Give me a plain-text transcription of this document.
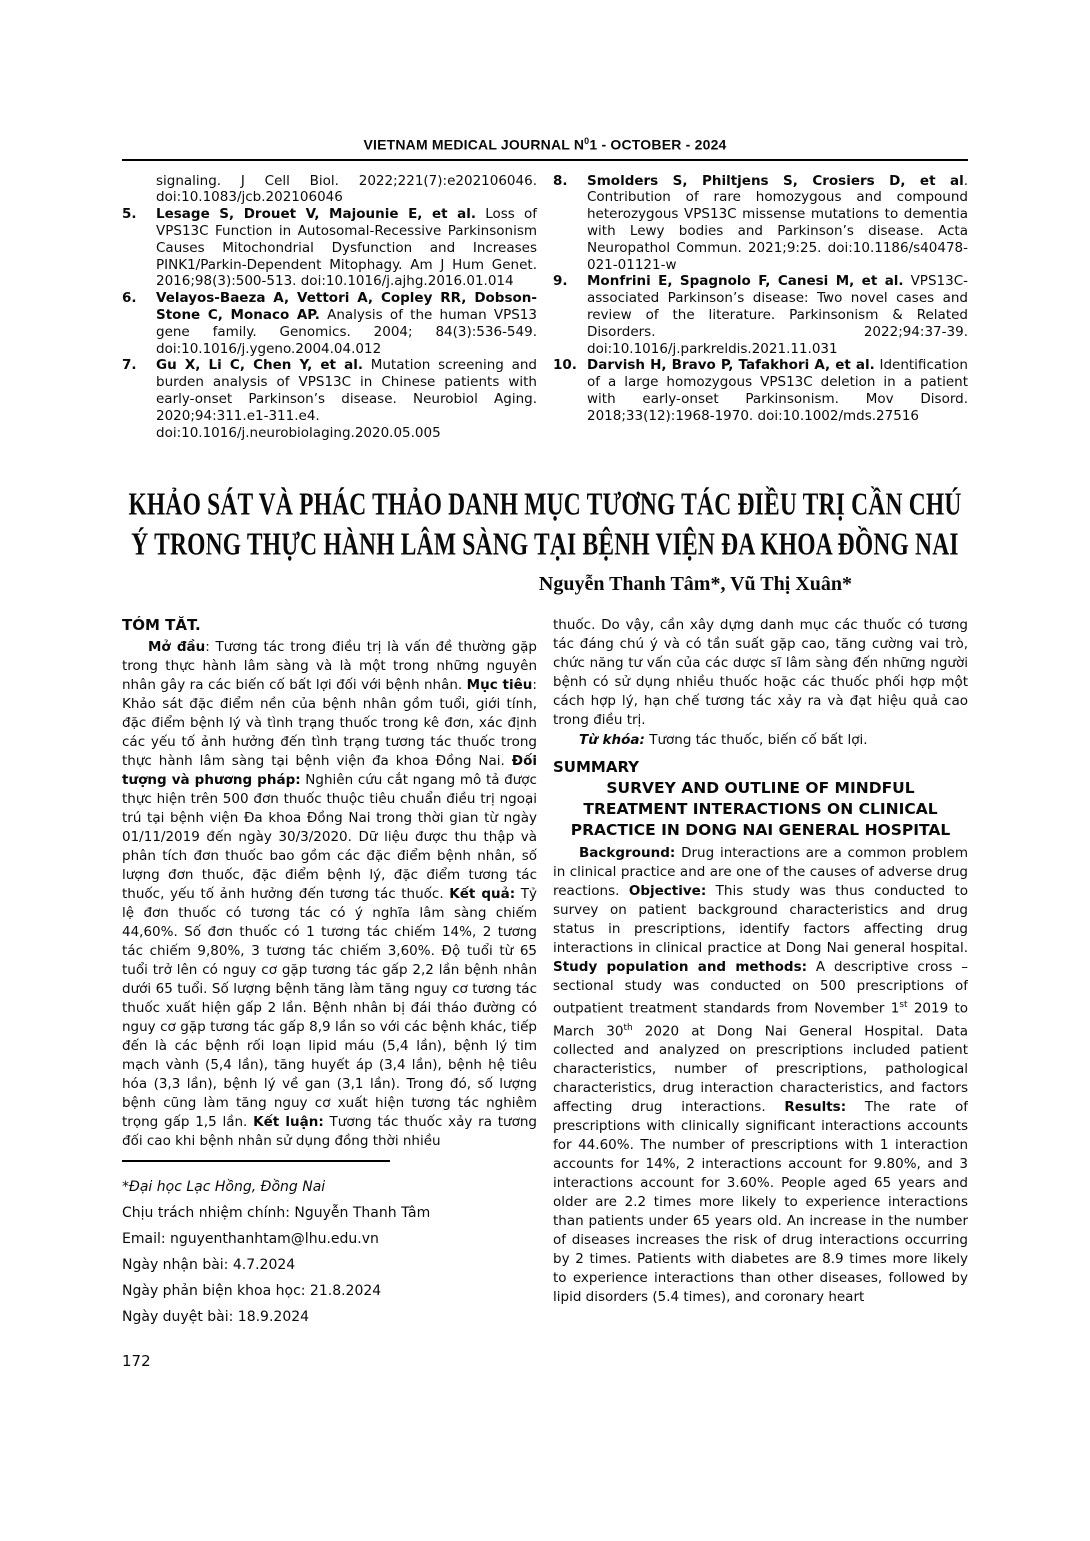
VIETNAM MEDICAL JOURNAL $N^01$ - OCTOBER - 2024

signaling. J Cell Biol. 2022;221(7):e202106046. doi:10.1083/jcb.202106046

5. Lesage S, Drouet V, Majounie E, et al. Loss of VPS13C Function in Autosomal-Recessive Parkinsonism Causes Mitochondrial Dysfunction and Increases PINK1/Parkin-Dependent Mitophagy. Am J Hum Genet. 2016;98(3):500-513. doi:10.1016/j.ajhg.2016.01.014

6. Velayos-Baeza A, Vettori A, Copley RR, Dobson-Stone C, Monaco AP. Analysis of the human VPS13 gene family. Genomics. 2004; 84(3):536-549. doi:10.1016/j.ygeno.2004.04.012

7. Gu X, Li C, Chen Y, et al. Mutation screening and burden analysis of VPS13C in Chinese patients with early-onset Parkinson’s disease. Neurobiol Aging. 2020;94:311.e1-311.e4. doi:10.1016/j.neurobiolaging.2020.05.005

8. Smolders S, Philtjens S, Crosiers D, et al. Contribution of rare homozygous and compound heterozygous VPS13C missense mutations to dementia with Lewy bodies and Parkinson’s disease. Acta Neuropathol Commun. 2021;9:25. doi:10.1186/s40478-021-01121-w

9. Monfrini E, Spagnolo F, Canesi M, et al. VPS13C-associated Parkinson’s disease: Two novel cases and review of the literature. Parkinsonism & Related Disorders. 2022;94:37-39. doi:10.1016/j.parkreldis.2021.11.031

10. Darvish H, Bravo P, Tafakhori A, et al. Identification of a large homozygous VPS13C deletion in a patient with early-onset Parkinsonism. Mov Disord. 2018;33(12):1968-1970. doi:10.1002/mds.27516

KHẢO SÁT VÀ PHÁC THẢO DANH MỤC TƯƠNG TÁC ĐIỀU TRỊ CẦN CHÚ
Ý TRONG THỰC HÀNH LÂM SÀNG TẠI BỆNH VIỆN ĐA KHOA ĐỒNG NAI
Nguyễn Thanh Tâm*, Vũ Thị Xuân*
TÓM TẮT.

Mở đầu: Tương tác trong điều trị là vấn đề thường gặp trong thực hành lâm sàng và là một trong những nguyên nhân gây ra các biến cố bất lợi đối với bệnh nhân. Mục tiêu: Khảo sát đặc điểm nền của bệnh nhân gồm tuổi, giới tính, đặc điểm bệnh lý và tình trạng thuốc trong kê đơn, xác định các yếu tố ảnh hưởng đến tình trạng tương tác thuốc trong thực hành lâm sàng tại bệnh viện đa khoa Đồng Nai. Đối tượng và phương pháp: Nghiên cứu cắt ngang mô tả được thực hiện trên 500 đơn thuốc thuộc tiêu chuẩn điều trị ngoại trú tại bệnh viện Đa khoa Đồng Nai trong thời gian từ ngày 01/11/2019 đến ngày 30/3/2020. Dữ liệu được thu thập và phân tích đơn thuốc bao gồm các đặc điểm bệnh nhân, số lượng đơn thuốc, đặc điểm bệnh lý, đặc điểm tương tác thuốc, yếu tố ảnh hưởng đến tương tác thuốc. Kết quả: Tỷ lệ đơn thuốc có tương tác có ý nghĩa lâm sàng chiếm 44,60%. Số đơn thuốc có 1 tương tác chiếm 14%, 2 tương tác chiếm 9,80%, 3 tương tác chiếm 3,60%. Độ tuổi từ 65 tuổi trở lên có nguy cơ gặp tương tác gấp 2,2 lần bệnh nhân dưới 65 tuổi. Số lượng bệnh tăng làm tăng nguy cơ tương tác thuốc xuất hiện gấp 2 lần. Bệnh nhân bị đái tháo đường có nguy cơ gặp tương tác gấp 8,9 lần so với các bệnh khác, tiếp đến là các bệnh rối loạn lipid máu (5,4 lần), bệnh lý tim mạch vành (5,4 lần), tăng huyết áp (3,4 lần), bệnh hệ tiêu hóa (3,3 lần), bệnh lý về gan (3,1 lần). Trong đó, số lượng bệnh cũng làm tăng nguy cơ xuất hiện tương tác nghiêm trọng gấp 1,5 lần. Kết luận: Tương tác thuốc xảy ra tương đối cao khi bệnh nhân sử dụng đồng thời nhiều

*Đại học Lạc Hồng, Đồng Nai
Chịu trách nhiệm chính: Nguyễn Thanh Tâm
Email: nguyenthanhtam@lhu.edu.vn
Ngày nhận bài: 4.7.2024
Ngày phản biện khoa học: 21.8.2024
Ngày duyệt bài: 18.9.2024

thuốc. Do vậy, cần xây dựng danh mục các thuốc có tương tác đáng chú ý và có tần suất gặp cao, tăng cường vai trò, chức năng tư vấn của các dược sĩ lâm sàng đến những người bệnh có sử dụng nhiều thuốc hoặc các thuốc phối hợp một cách hợp lý, hạn chế tương tác xảy ra và đạt hiệu quả cao trong điều trị.

Từ khóa: Tương tác thuốc, biến cố bất lợi.

SUMMARY
SURVEY AND OUTLINE OF MINDFUL
TREATMENT INTERACTIONS ON CLINICAL
PRACTICE IN DONG NAI GENERAL HOSPITAL

Background: Drug interactions are a common problem in clinical practice and are one of the causes of adverse drug reactions. Objective: This study was thus conducted to survey on patient background characteristics and drug status in prescriptions, identify factors affecting drug interactions in clinical practice at Dong Nai general hospital. Study population and methods: A descriptive cross – sectional study was conducted on 500 prescriptions of outpatient treatment standards from November 1st 2019 to March 30th 2020 at Dong Nai General Hospital. Data collected and analyzed on prescriptions included patient characteristics, number of prescriptions, pathological characteristics, drug interaction characteristics, and factors affecting drug interactions. Results: The rate of prescriptions with clinically significant interactions accounts for 44.60%. The number of prescriptions with 1 interaction accounts for 14%, 2 interactions account for 9.80%, and 3 interactions account for 3.60%. People aged 65 years and older are 2.2 times more likely to experience interactions than patients under 65 years old. An increase in the number of diseases increases the risk of drug interactions occurring by 2 times. Patients with diabetes are 8.9 times more likely to experience interactions than other diseases, followed by lipid disorders (5.4 times), and coronary heart

172
